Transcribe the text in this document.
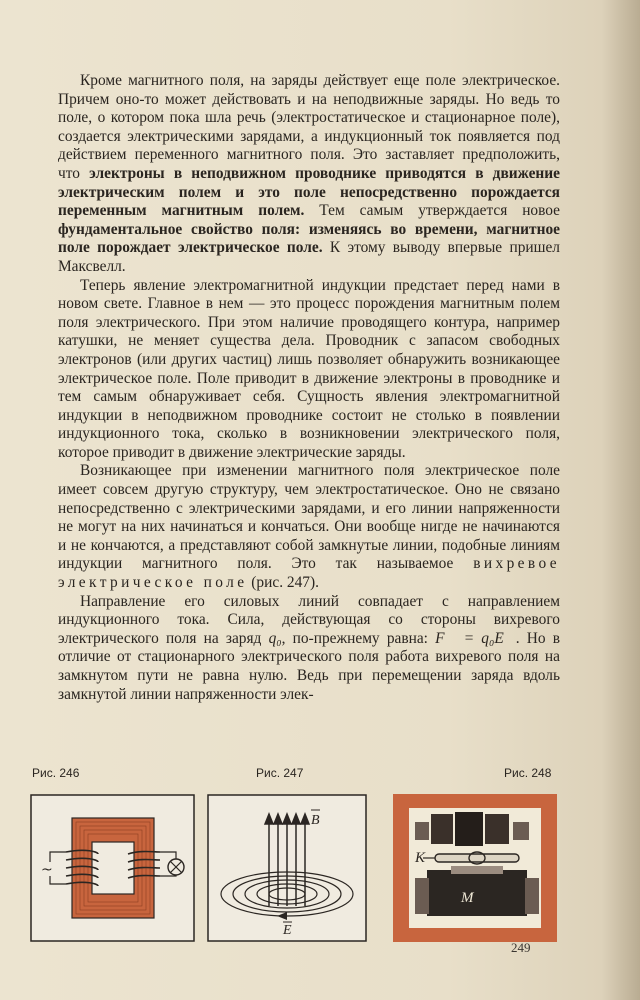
Кроме магнитного поля, на заряды действует еще поле электрическое. Причем оно-то может действовать и на неподвижные заряды. Но ведь то поле, о котором пока шла речь (электростатическое и стационарное поле), создается электрическими зарядами, а индукционный ток появляется под действием переменного магнитного поля. Это заставляет предположить, что электроны в неподвижном проводнике приводятся в движение электрическим полем и это поле непосредственно порождается переменным магнитным полем. Тем самым утверждается новое фундаментальное свойство поля: изменяясь во времени, магнитное поле порождает электрическое поле. К этому выводу впервые пришел Максвелл.

Теперь явление электромагнитной индукции предстает перед нами в новом свете. Главное в нем — это процесс порождения магнитным полем поля электрического. При этом наличие проводящего контура, например катушки, не меняет существа дела. Проводник с запасом свободных электронов (или других частиц) лишь позволяет обнаружить возникающее электрическое поле. Поле приводит в движение электроны в проводнике и тем самым обнаруживает себя. Сущность явления электромагнитной индукции в неподвижном проводнике состоит не столько в появлении индукционного тока, сколько в возникновении электрического поля, которое приводит в движение электрические заряды.

Возникающее при изменении магнитного поля электрическое поле имеет совсем другую структуру, чем электростатическое. Оно не связано непосредственно с электрическими зарядами, и его линии напряженности не могут на них начинаться и кончаться. Они вообще нигде не начинаются и не кончаются, а представляют собой замкнутые линии, подобные линиям индукции магнитного поля. Это так называемое вихревое электрическое поле (рис. 247).

Направление его силовых линий совпадает с направлением индукционного тока. Сила, действующая со стороны вихревого электрического поля на заряд q₀, по-прежнему равна: F⃗ = q₀E⃗. Но в отличие от стационарного электрического поля работа вихревого поля на замкнутом пути не равна нулю. Ведь при перемещении заряда вдоль замкнутой линии напряженности элек-

Рис. 246	Рис. 247	Рис. 248
~
B
E
K
M
249
